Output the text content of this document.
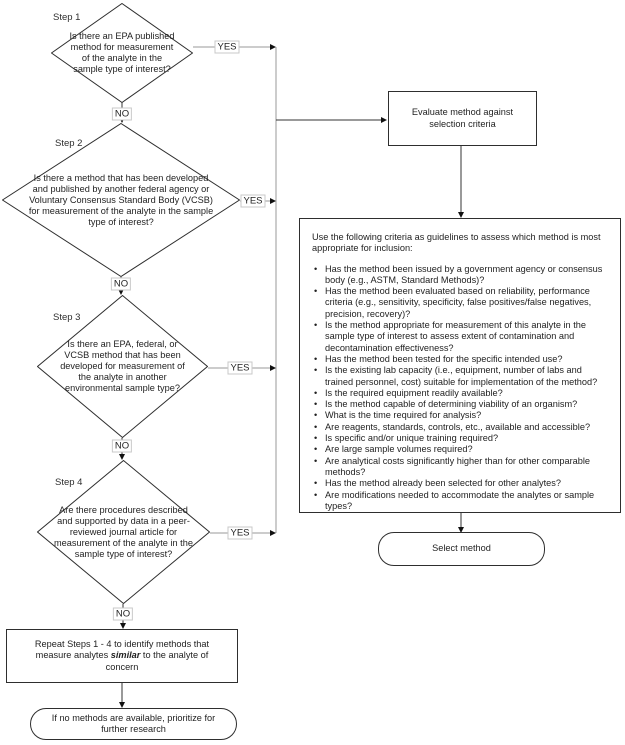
Step 1
Step 2
Step 3
Step 4
Is there an EPA published method for measurement of the analyte in the sample type of interest?
Is there a method that has been developed and published by another federal agency or Voluntary Consensus Standard Body (VCSB) for measurement of the analyte in the sample type of interest?
Is there an EPA, federal, or VCSB method that has been developed for measurement of the analyte in another environmental sample type?
Are there procedures described and supported by data in a peer-reviewed journal article for measurement of the analyte in the sample type of interest?
YES
YES
YES
YES
NO
NO
NO
NO
Evaluate method against selection criteria

Use the following criteria as guidelines to assess which method is most appropriate for inclusion:

• Has the method been issued by a government agency or consensus body (e.g., ASTM, Standard Methods)?
• Has the method been evaluated based on reliability, performance criteria (e.g., sensitivity, specificity, false positives/false negatives, precision, recovery)?
• Is the method appropriate for measurement of this analyte in the sample type of interest to assess extent of contamination and decontamination effectiveness?
• Has the method been tested for the specific intended use?
• Is the existing lab capacity (i.e., equipment, number of labs and trained personnel, cost) suitable for implementation of the method?
• Is the required equipment readily available?
• Is the method capable of determining viability of an organism?
• What is the time required for analysis?
• Are reagents, standards, controls, etc., available and accessible?
• Is specific and/or unique training required?
• Are large sample volumes required?
• Are analytical costs significantly higher than for other comparable methods?
• Has the method already been selected for other analytes?
• Are modifications needed to accommodate the analytes or sample types?
Select method
Repeat Steps 1 - 4 to identify methods that measure analytes similar to the analyte of concern
If no methods are available, prioritize for further research
